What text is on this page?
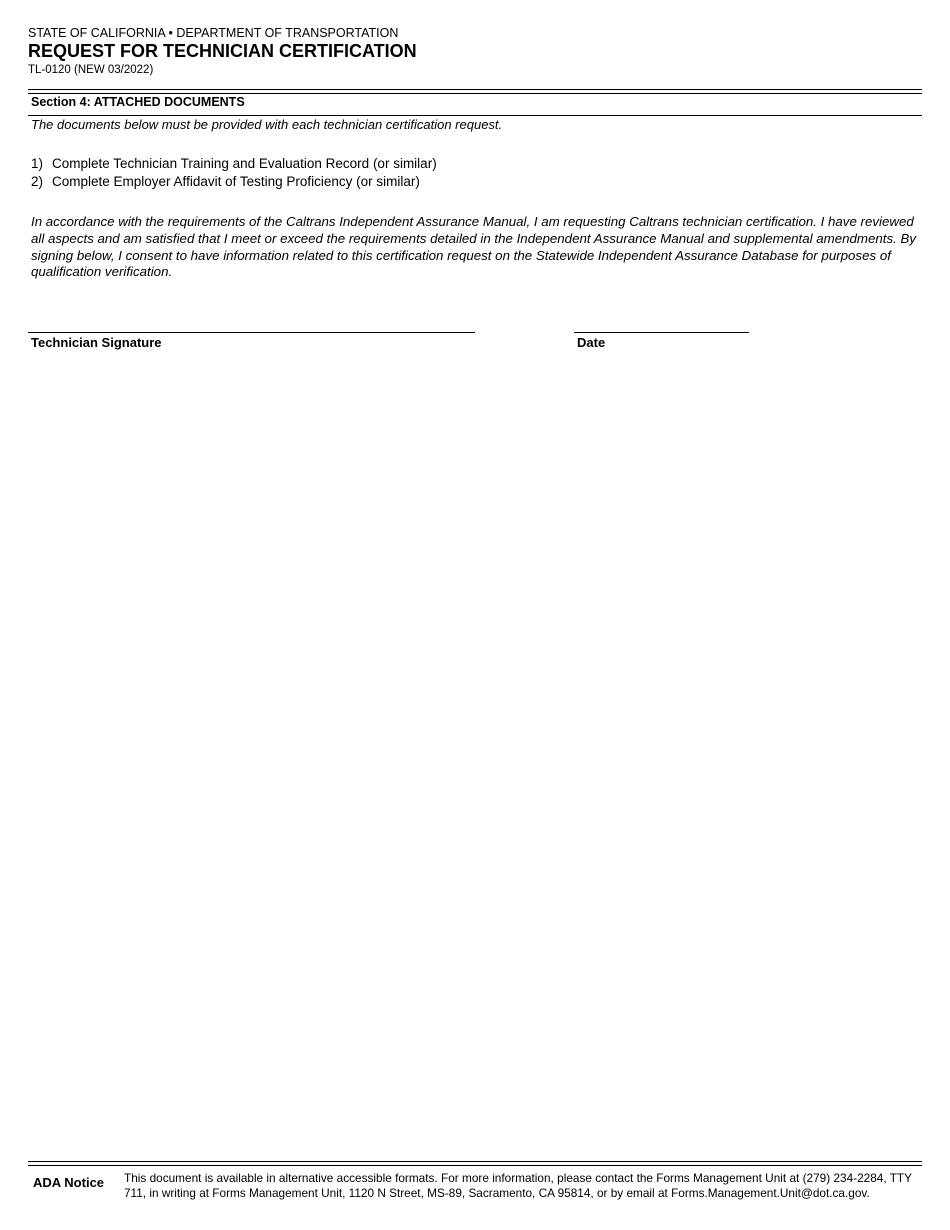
STATE OF CALIFORNIA • DEPARTMENT OF TRANSPORTATION
REQUEST FOR TECHNICIAN CERTIFICATION
TL-0120 (NEW 03/2022)
Section 4: ATTACHED DOCUMENTS
The documents below must be provided with each technician certification request.
1) Complete Technician Training and Evaluation Record (or similar)
2) Complete Employer Affidavit of Testing Proficiency (or similar)
In accordance with the requirements of the Caltrans Independent Assurance Manual, I am requesting Caltrans technician certification. I have reviewed all aspects and am satisfied that I meet or exceed the requirements detailed in the Independent Assurance Manual and supplemental amendments. By signing below, I consent to have information related to this certification request on the Statewide Independent Assurance Database for purposes of qualification verification.
Technician Signature	Date
ADA Notice This document is available in alternative accessible formats. For more information, please contact the Forms Management Unit at (279) 234-2284, TTY 711, in writing at Forms Management Unit, 1120 N Street, MS-89, Sacramento, CA 95814, or by email at Forms.Management.Unit@dot.ca.gov.
